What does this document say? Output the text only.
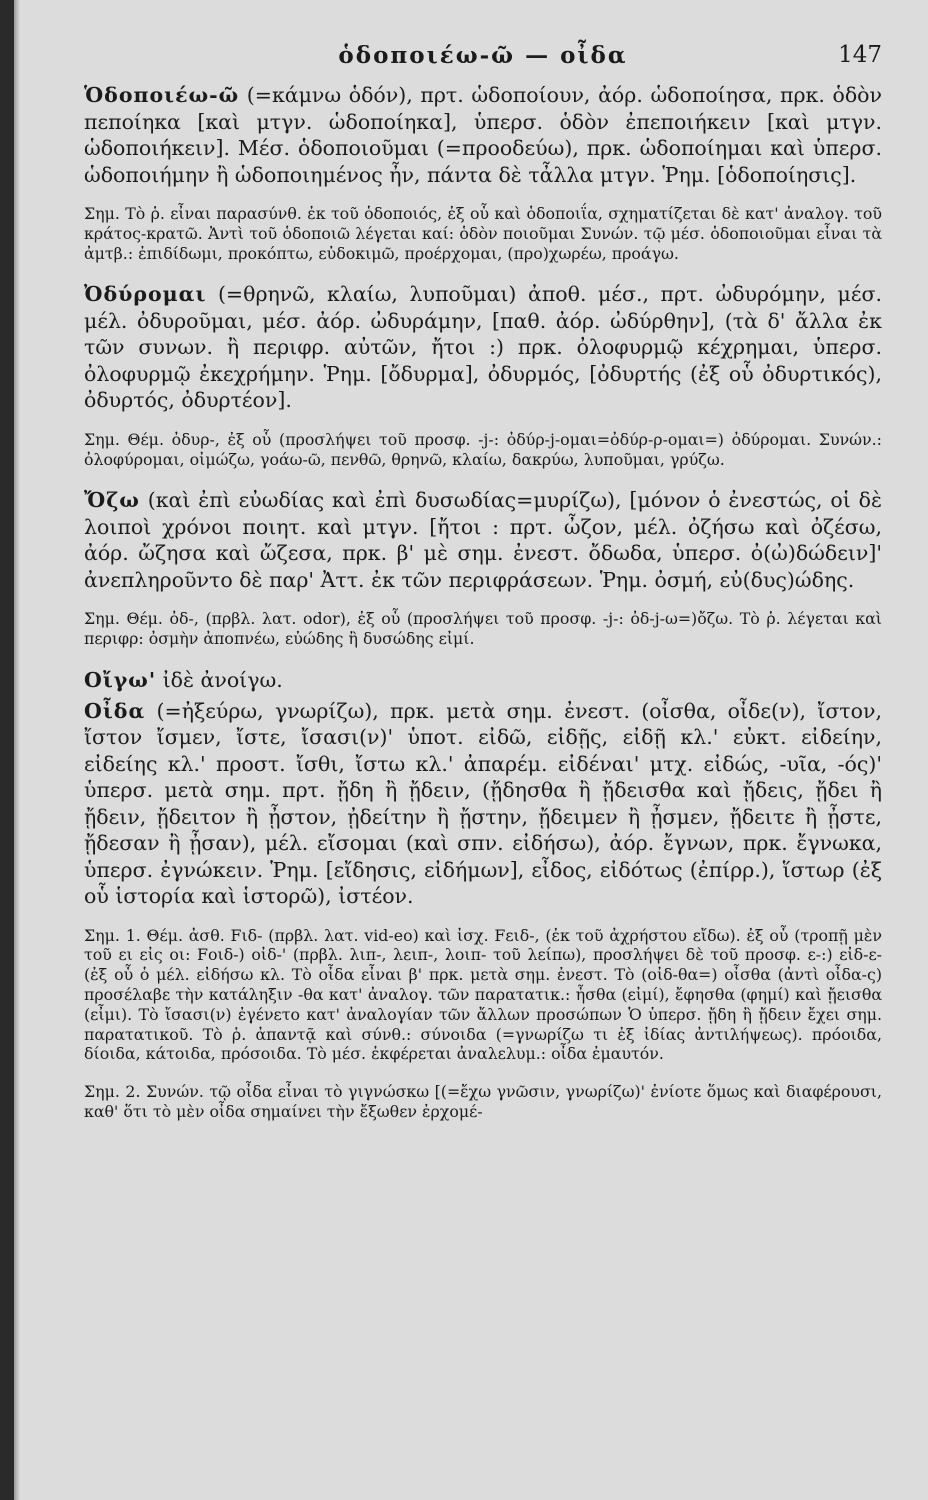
ὁδοποιέω-ῶ — οἶδα	147

Ὁδοποιέω-ῶ (=κάμνω ὁδόν), πρτ. ὡδοποίουν, ἀόρ. ὡδοποίησα, πρκ. ὁδὸν πεποίηκα [καὶ μτγν. ὡδοποίηκα], ὑπερσ. ὁδὸν ἐπεποιήκειν [καὶ μτγν. ὡδοποιήκειν]. Μέσ. ὁδοποιοῦμαι (=προοδεύω), πρκ. ὡδοποίημαι καὶ ὑπερσ. ὡδοποιήμην ἢ ὡδοποιημένος ἦν, πάντα δὲ τἆλλα μτγν. Ῥημ. [ὁδοποίησις].

Σημ. Τὸ ῥ. εἶναι παρασύνθ. ἐκ τοῦ ὁδοποιός, ἐξ οὗ καὶ ὁδοποιΐα, σχηματίζεται δὲ κατ' ἀναλογ. τοῦ κράτος-κρατῶ. Ἀντὶ τοῦ ὁδοποιῶ λέγεται καί: ὁδὸν ποιοῦμαι Συνών. τῷ μέσ. ὁδοποιοῦμαι εἶναι τὰ ἀμτβ.: ἐπιδίδωμι, προκόπτω, εὐδοκιμῶ, προέρχομαι, (προ)χωρέω, προάγω.

Ὀδύρομαι (=θρηνῶ, κλαίω, λυποῦμαι) ἀποθ. μέσ., πρτ. ὠδυρόμην, μέσ. μέλ. ὀδυροῦμαι, μέσ. ἀόρ. ὠδυράμην, [παθ. ἀόρ. ὠδύρθην], (τὰ δ' ἄλλα ἐκ τῶν συνων. ἢ περιφρ. αὐτῶν, ἤτοι :) πρκ. ὀλοφυρμῷ κέχρημαι, ὑπερσ. ὀλοφυρμῷ ἐκεχρήμην. Ῥημ. [ὄδυρμα], ὀδυρμός, [ὀδυρτής (ἐξ οὗ ὀδυρτικός), ὀδυρτός, ὀδυρτέον].

Σημ. Θέμ. ὀδυρ-, ἐξ οὗ (προσλήψει τοῦ προσφ. -j-: ὀδύρ-j-ομαι=ὀδύρ-ρ-ομαι=) ὀδύρομαι. Συνών.: ὀλοφύρομαι, οἰμώζω, γοάω-ῶ, πενθῶ, θρηνῶ, κλαίω, δακρύω, λυποῦμαι, γρύζω.

Ὄζω (καὶ ἐπὶ εὐωδίας καὶ ἐπὶ δυσωδίας=μυρίζω), [μόνον ὁ ἐνεστώς, οἱ δὲ λοιποὶ χρόνοι ποιητ. καὶ μτγν. [ἤτοι : πρτ. ὦζον, μέλ. ὀζήσω καὶ ὀζέσω, ἀόρ. ὤζησα καὶ ὤζεσα, πρκ. β' μὲ σημ. ἐνεστ. ὄδωδα, ὑπερσ. ὀ(ὠ)δώδειν]' ἀνεπληροῦντο δὲ παρ' Ἀττ. ἐκ τῶν περιφράσεων. Ῥημ. ὀσμή, εὐ(δυς)ώδης.

Σημ. Θέμ. ὀδ-, (πρβλ. λατ. odor), ἐξ οὗ (προσλήψει τοῦ προσφ. -j-: ὀδ-j-ω=)ὄζω. Τὸ ῥ. λέγεται καὶ περιφρ: ὀσμὴν ἀποπνέω, εὐώδης ἢ δυσώδης εἰμί.

Οἴγω' ἰδὲ ἀνοίγω.

Οἶδα (=ἠξεύρω, γνωρίζω), πρκ. μετὰ σημ. ἐνεστ. (οἶσθα, οἶδε(ν), ἴστον, ἴστον ἴσμεν, ἴστε, ἴσασι(ν)' ὑποτ. εἰδῶ, εἰδῇς, εἰδῇ κλ.' εὐκτ. εἰδείην, εἰδείης κλ.' προστ. ἴσθι, ἴστω κλ.' ἀπαρέμ. εἰδέναι' μτχ. εἰδώς, -υῖα, -ός)' ὑπερσ. μετὰ σημ. πρτ. ᾔδη ἢ ᾔδειν, (ᾔδησθα ἢ ᾔδεισθα καὶ ᾔδεις, ᾔδει ἢ ᾔδειν, ᾔδειτον ἢ ᾖστον, ᾐδείτην ἢ ᾔστην, ᾔδειμεν ἢ ᾖσμεν, ᾔδειτε ἢ ᾖστε, ᾔδεσαν ἢ ᾖσαν), μέλ. εἴσομαι (καὶ σπν. εἰδήσω), ἀόρ. ἔγνων, πρκ. ἔγνωκα, ὑπερσ. ἐγνώκειν. Ῥημ. [εἴδησις, εἰδήμων], εἶδος, εἰδότως (ἐπίρρ.), ἵστωρ (ἐξ οὗ ἱστορία καὶ ἱστορῶ), ἰστέον.

Σημ. 1. Θέμ. ἀσθ. Fιδ- (πρβλ. λατ. vid-eo) καὶ ἰσχ. Fειδ-, (ἐκ τοῦ ἀχρήστου εἴδω). ἐξ οὗ (τροπῇ μὲν τοῦ ει εἰς οι: Fοιδ-) οἰδ-' (πρβλ. λιπ-, λειπ-, λοιπ- τοῦ λείπω), προσλήψει δὲ τοῦ προσφ. ε-:) εἰδ-ε- (ἐξ οὗ ὁ μέλ. εἰδήσω κλ. Τὸ οἶδα εἶναι β' πρκ. μετὰ σημ. ἐνεστ. Τὸ (οἰδ-θα=) οἶσθα (ἀντὶ οἶδα-ς) προσέλαβε τὴν κατάληξιν -θα κατ' ἀναλογ. τῶν παρατατικ.: ἦσθα (εἰμί), ἔφησθα (φημί) καὶ ᾔεισθα (εἶμι). Τὸ ἴσασι(ν) ἐγένετο κατ' ἀναλογίαν τῶν ἄλλων προσώπων Ὁ ὑπερσ. ᾔδη ἢ ᾔδειν ἔχει σημ. παρατατικοῦ. Τὸ ῥ. ἀπαντᾷ καὶ σύνθ.: σύνοιδα (=γνωρίζω τι ἐξ ἰδίας ἀντιλήψεως). πρόοιδα, δίοιδα, κάτοιδα, πρόσοιδα. Τὸ μέσ. ἐκφέρεται ἀναλελυμ.: οἶδα ἐμαυτόν.

Σημ. 2. Συνών. τῷ οἶδα εἶναι τὸ γιγνώσκω [(=ἔχω γνῶσιν, γνωρίζω)' ἐνίοτε ὅμως καὶ διαφέρουσι, καθ' ὅτι τὸ μὲν οἶδα σημαίνει τὴν ἔξωθεν ἐρχομέ-
